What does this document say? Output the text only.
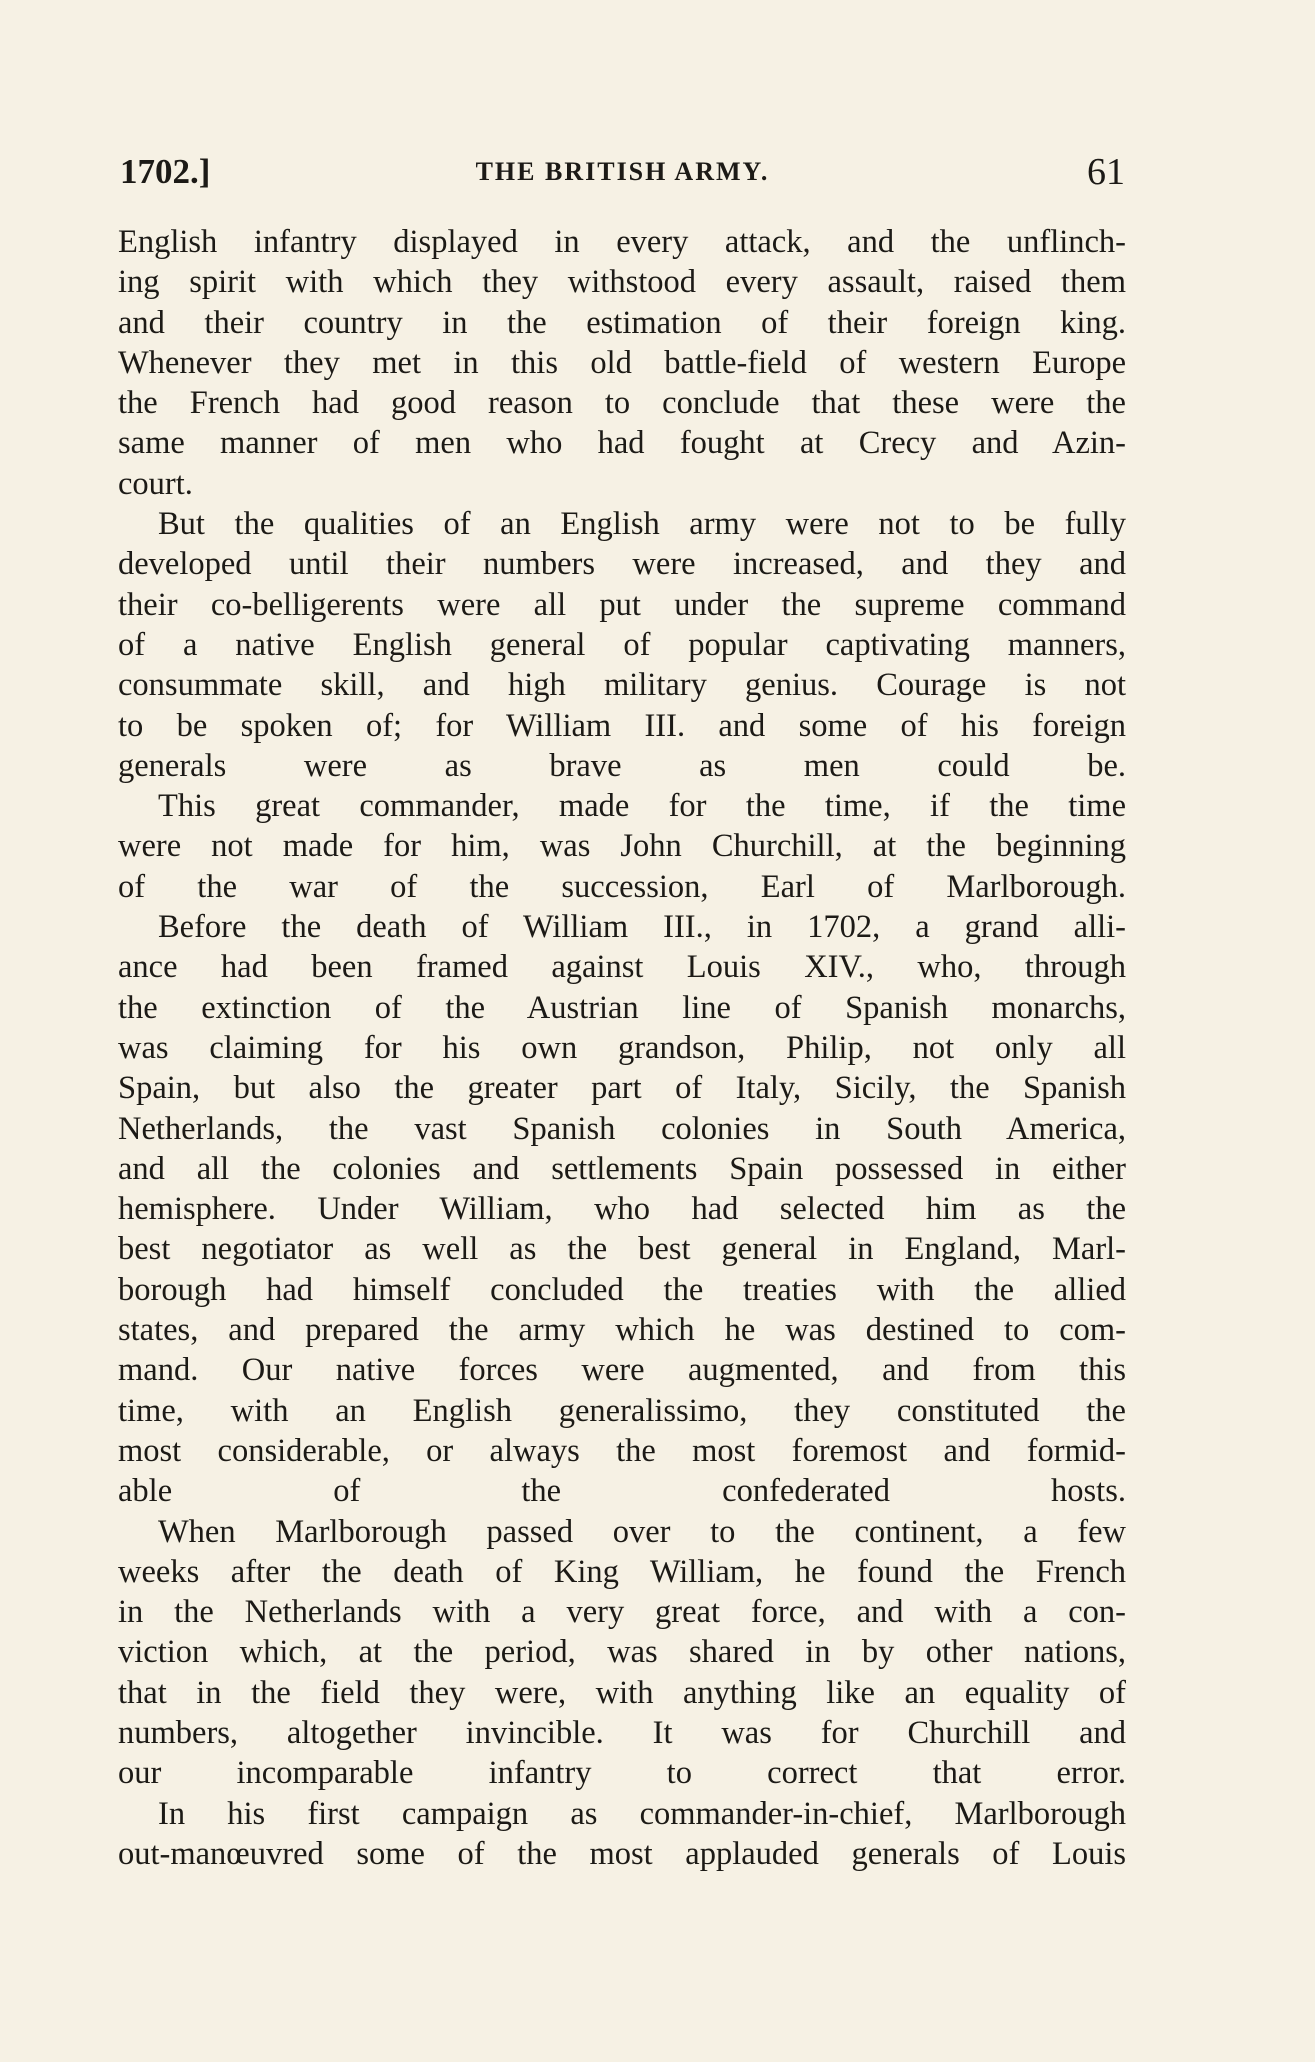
1702.]	THE BRITISH ARMY.	61
English infantry displayed in every attack, and the unflinch-
ing spirit with which they withstood every assault, raised them
and their country in the estimation of their foreign king.
Whenever they met in this old battle-field of western Europe
the French had good reason to conclude that these were the
same manner of men who had fought at Crecy and Azin-
court.
But the qualities of an English army were not to be fully
developed until their numbers were increased, and they and
their co-belligerents were all put under the supreme command
of a native English general of popular captivating manners,
consummate skill, and high military genius. Courage is not
to be spoken of; for William III. and some of his foreign
generals were as brave as men could be.
This great commander, made for the time, if the time
were not made for him, was John Churchill, at the beginning
of the war of the succession, Earl of Marlborough.
Before the death of William III., in 1702, a grand alli-
ance had been framed against Louis XIV., who, through
the extinction of the Austrian line of Spanish monarchs,
was claiming for his own grandson, Philip, not only all
Spain, but also the greater part of Italy, Sicily, the Spanish
Netherlands, the vast Spanish colonies in South America,
and all the colonies and settlements Spain possessed in either
hemisphere. Under William, who had selected him as the
best negotiator as well as the best general in England, Marl-
borough had himself concluded the treaties with the allied
states, and prepared the army which he was destined to com-
mand. Our native forces were augmented, and from this
time, with an English generalissimo, they constituted the
most considerable, or always the most foremost and formid-
able of the confederated hosts.
When Marlborough passed over to the continent, a few
weeks after the death of King William, he found the French
in the Netherlands with a very great force, and with a con-
viction which, at the period, was shared in by other nations,
that in the field they were, with anything like an equality of
numbers, altogether invincible. It was for Churchill and
our incomparable infantry to correct that error.
In his first campaign as commander-in-chief, Marlborough
out-manœuvred some of the most applauded generals of Louis
